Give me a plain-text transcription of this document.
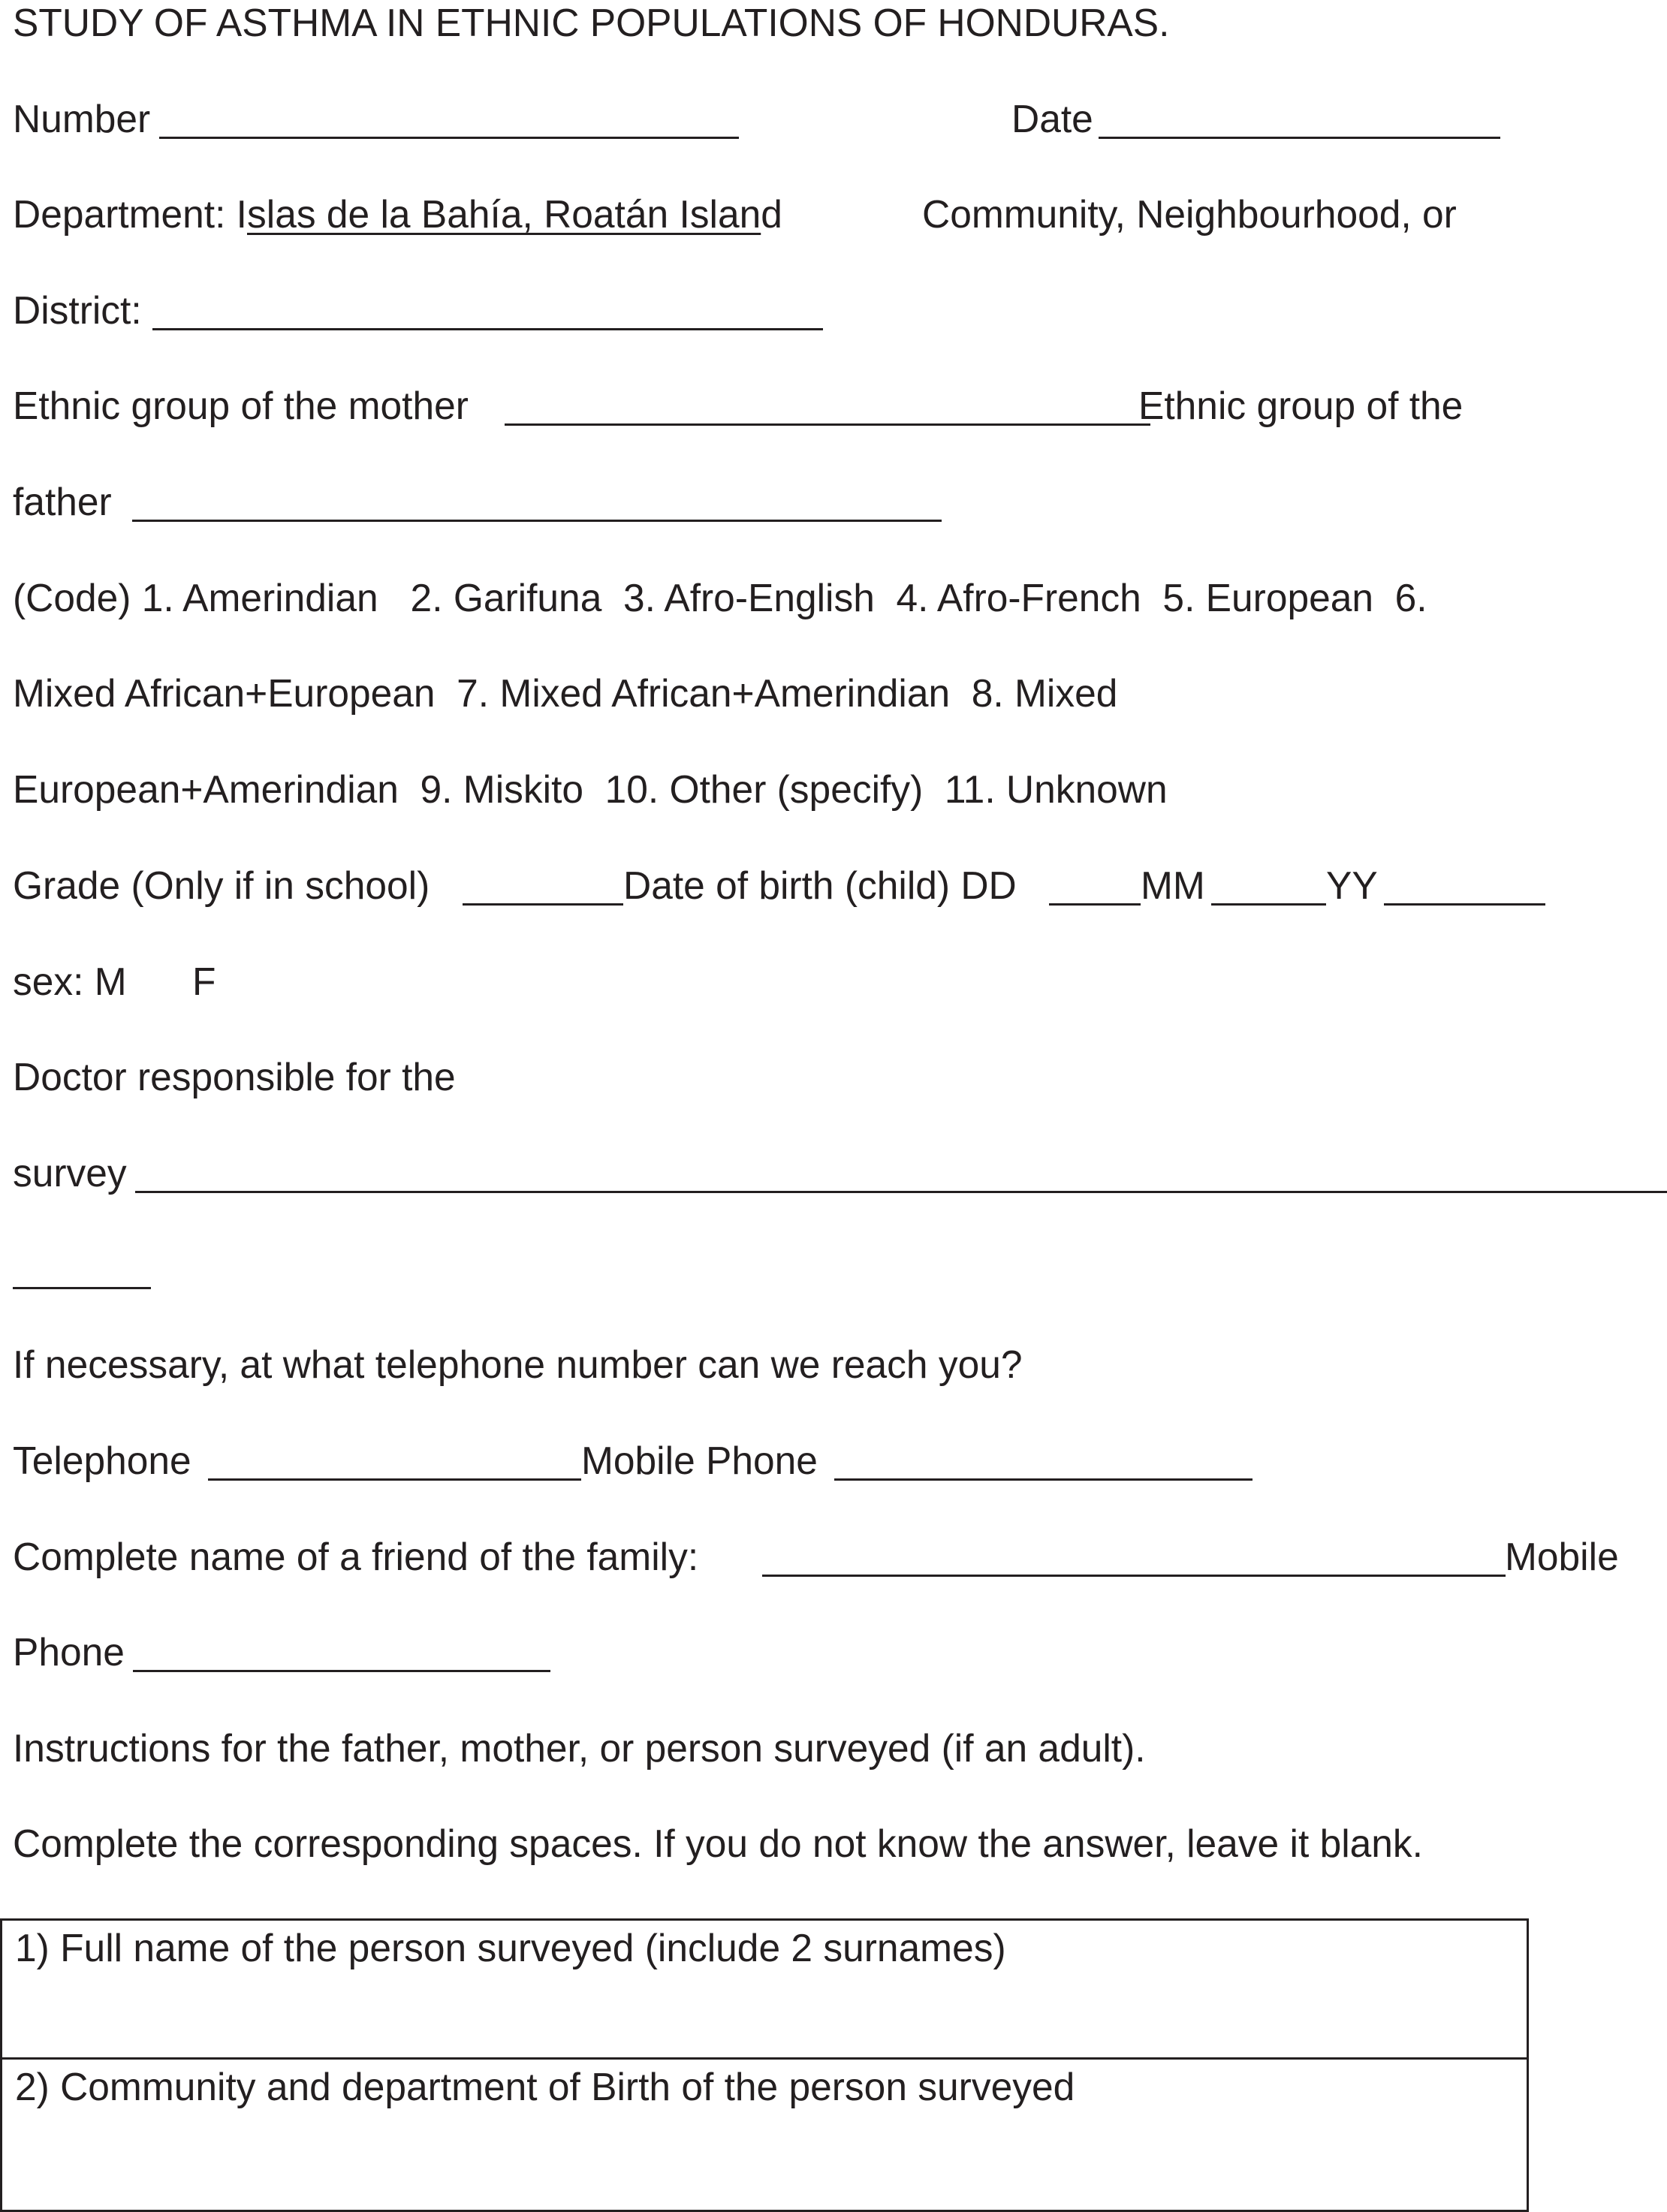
STUDY OF ASTHMA IN ETHNIC POPULATIONS OF HONDURAS.
Number	Date
Department: Islas de la Bahía, Roatán Island	Community, Neighbourhood, or
District:
Ethnic group of the mother	Ethnic group of the
father
(Code) 1. Amerindian   2. Garifuna  3. Afro-English  4. Afro-French  5. European  6.
Mixed African+European  7. Mixed African+Amerindian  8. Mixed
European+Amerindian  9. Miskito  10. Other (specify)  11. Unknown
Grade (Only if in school)	Date of birth (child) DD	MM	YY
sex: M F
Doctor responsible for the
survey
If necessary, at what telephone number can we reach you?
Telephone	Mobile Phone
Complete name of a friend of the family:	Mobile
Phone
Instructions for the father, mother, or person surveyed (if an adult).
Complete the corresponding spaces. If you do not know the answer, leave it blank.
1) Full name of the person surveyed (include 2 surnames)
2) Community and department of Birth of the person surveyed
